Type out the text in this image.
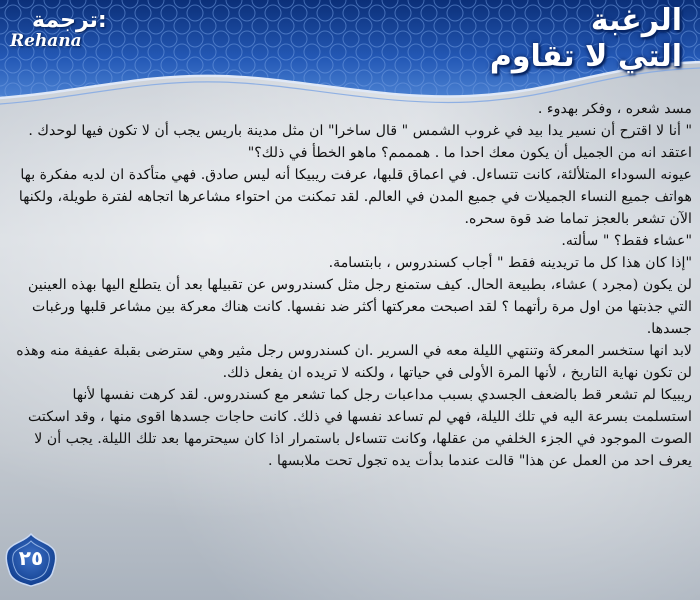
الرغبة
التي لا تقاوم
ترجمة:
Rehana

مسد شعره ، وفكر بهدوء .

" أنا لا اقترح أن نسير يدا بيد في غروب الشمس " قال ساخرا" ان مثل مدينة باريس يجب أن لا تكون فيها لوحدك . اعتقد انه من الجميل أن يكون معك احدا ما . همممم؟ ماهو الخطأ في ذلك؟"

عيونه السوداء المتلألئة، كانت تتساءل. في اعماق قلبها، عرفت ريبيكا أنه ليس صادق. فهي متأكدة ان لديه مفكرة بها هواتف جميع النساء الجميلات في جميع المدن في العالم. لقد تمكنت من احتواء مشاعرها اتجاهه لفترة طويلة، ولكنها الآن تشعر بالعجز تماما ضد قوة سحره.

"عشاء فقط؟ " سألته.

"إذا كان هذا كل ما تريدينه فقط " أجاب كسندروس ، بابتسامة.

لن يكون (مجرد ) عشاء، بطبيعة الحال. كيف ستمنع رجل مثل كسندروس عن تقبيلها بعد أن يتطلع اليها بهذه العينين التي جذبتها من اول مرة رأتهما ؟ لقد اصبحت معركتها أكثر ضد نفسها. كانت هناك معركة بين مشاعر قلبها ورغبات جسدها.

لابد انها ستخسر المعركة وتنتهي الليلة معه في السرير .ان كسندروس رجل مثير وهي سترضى بقبلة عفيفة منه وهذه لن تكون نهاية التاريخ ، لأنها المرة الأولى في حياتها ، ولكنه لا تريده ان يفعل ذلك.

ريبيكا لم تشعر قط بالضعف الجسدي بسبب مداعبات رجل كما تشعر مع كسندروس. لقد كرهت نفسها لأنها استسلمت بسرعة اليه في تلك الليلة، فهي لم تساعد نفسها في ذلك. كانت حاجات جسدها اقوى منها ، وقد اسكتت الصوت الموجود في الجزء الخلفي من عقلها، وكانت تتساءل باستمرار اذا كان سيحترمها بعد تلك الليلة. يجب أن لا يعرف احد من العمل عن هذا" قالت عندما بدأت يده تجول تحت ملابسها .

٢٥
